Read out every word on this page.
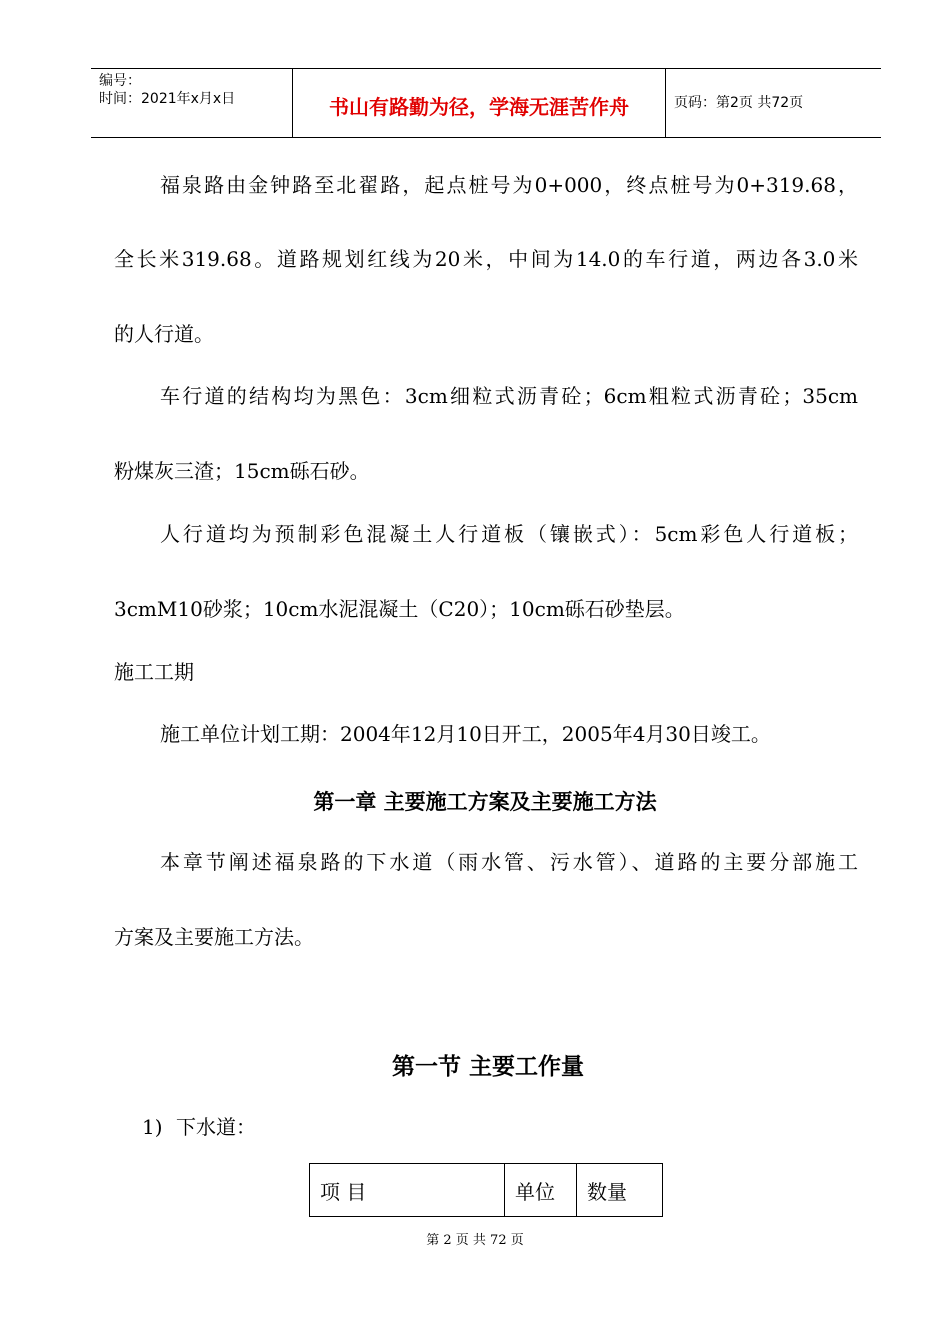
编号：
时间：2021年x月x日	书山有路勤为径，学海无涯苦作舟	页码：第2页 共72页
福泉路由金钟路至北翟路，起点桩号为0+000，终点桩号为0+319.68，
全长米319.68。道路规划红线为20米，中间为14.0的车行道，两边各3.0米
的人行道。
车行道的结构均为黑色：3cm细粒式沥青砼；6cm粗粒式沥青砼；35cm
粉煤灰三渣；15cm砾石砂。
人行道均为预制彩色混凝土人行道板（镶嵌式）：5cm彩色人行道板；
3cmM10砂浆；10cm水泥混凝土（C20）；10cm砾石砂垫层。
施工工期
施工单位计划工期：2004年12月10日开工，2005年4月30日竣工。
第一章 主要施工方案及主要施工方法
本章节阐述福泉路的下水道（雨水管、污水管）、道路的主要分部施工
方案及主要施工方法。
第一节 主要工作量
1) 下水道：
项 目	单位	数量
第 2 页 共 72 页
